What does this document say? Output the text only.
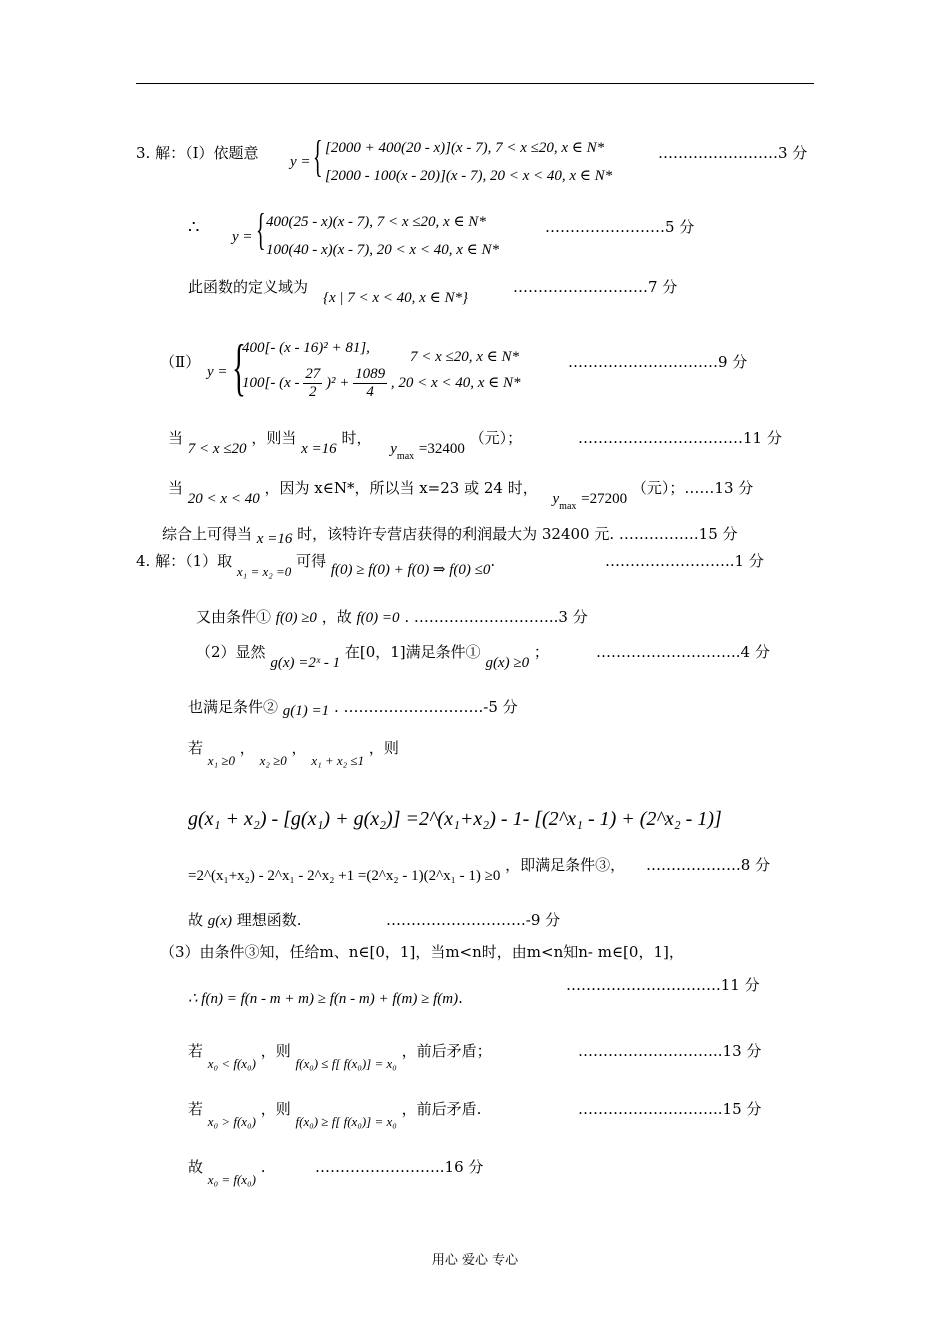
3. 解：（Ⅰ）依题意 y = { [2000 + 400(20 - x)](x - 7), 7 < x ≤20, x ∈ N*
[2000 - 100(x - 20)](x - 7), 20 < x < 40, x ∈ N*
……………………3 分
∴ y = { 400(25 - x)(x - 7), 7 < x ≤20, x ∈ N*
100(40 - x)(x - 7), 20 < x < 40, x ∈ N*
……………………5 分
此函数的定义域为
{x | 7 < x < 40, x ∈ N*}
………………………7 分
（Ⅱ）
y = {
400[- (x - 16)² + 81],
7 < x ≤20, x ∈ N*
100[- $(x - \frac{27}{2} )^2 + \frac{1089}{4}$ , 20 < x < 40, x ∈ N*
…………………………9 分
当 7 < x ≤20 ，则当 x =16 时， $y_{max} =32400$ （元）；	……………………………11 分
当 20 < x < 40 ，因为 x∈N*，所以当 x=23 或 24 时， $y_{max} =27200$ （元）；……13 分
综合上可得当 x =16 时，该特许专营店获得的利润最大为 32400 元. …………….15 分
4. 解：（1）取 x₁ = x₂ =0 可得 f(0) ≥ f(0) + f(0) ⇒ f(0) ≤0.	……………………..1 分
又由条件① f(0) ≥0 ，故 f(0) =0 . ………………………..3 分
（2）显然 g(x) =2ˣ - 1 在[0，1]满足条件① g(x) ≥0 ；	………………………..4 分
也满足条件② g(1) =1 . ……………………….-5 分
若 x₁ ≥0 ， x₂ ≥0 ， x₁ + x₂ ≤1 ，则
g(x₁ + x₂) - [g(x₁) + g(x₂)] =2^(x₁+x₂) - 1- [(2^x₁ - 1) + (2^x₂ - 1)]
=2^(x₁+x₂) - 2^x₁ - 2^x₂ +1 =(2^x₂ - 1)(2^x₁ - 1) ≥0 ，即满足条件③， ……………….8 分
故 g(x) 理想函数.	……………………….-9 分
（3）由条件③知，任给m、n∈[0，1]，当m<n时，由m<n知n- m∈[0，1]，
∴ f(n) = f(n - m + m) ≥ f(n - m) + f(m) ≥ f(m).
………………………….11 分
若 x₀ < f(x₀) ，则 f(x₀) ≤ f[ f(x₀)] = x₀ ，前后矛盾；	………………………..13 分
若 x₀ > f(x₀) ，则 f(x₀) ≥ f[ f(x₀)] = x₀ ，前后矛盾.	………………………..15 分
故 x₀ = f(x₀) .	……………………..16 分
用心 爱心 专心
